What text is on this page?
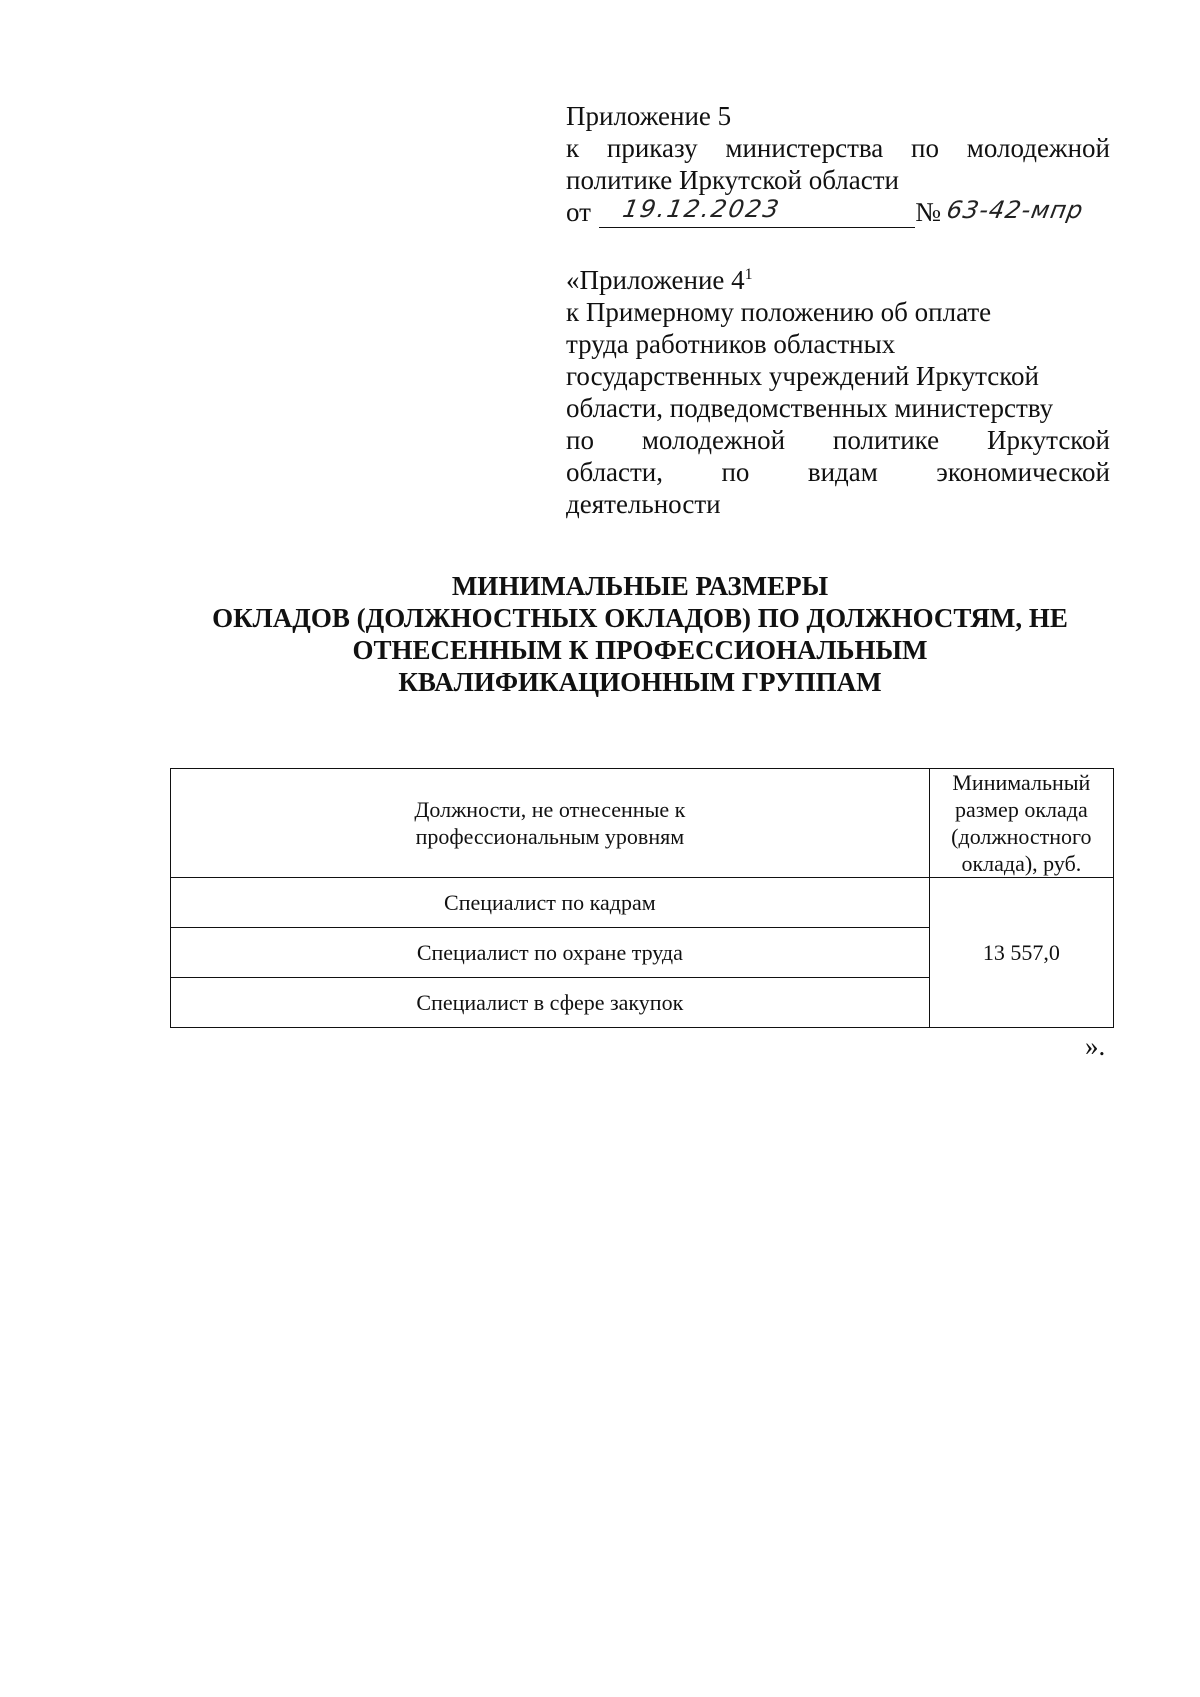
Приложение 5
к приказу министерства по молодежной
политике Иркутской области
от 19.12.2023	№ 63-42-мпр
«Приложение $4^1$
к Примерному положению об оплате
труда работников областных
государственных учреждений Иркутской
области, подведомственных министерству
по молодежной политике Иркутской
области, по видам экономической
деятельности
МИНИМАЛЬНЫЕ РАЗМЕРЫ
ОКЛАДОВ (ДОЛЖНОСТНЫХ ОКЛАДОВ) ПО ДОЛЖНОСТЯМ, НЕ
ОТНЕСЕННЫМ К ПРОФЕССИОНАЛЬНЫМ
КВАЛИФИКАЦИОННЫМ ГРУППАМ
Должности, не отнесенные к профессиональным уровням	Минимальный размер оклада (должностного оклада), руб.
Специалист по кадрам	13 557,0
Специалист по охране труда	
Специалист в сфере закупок	
».
